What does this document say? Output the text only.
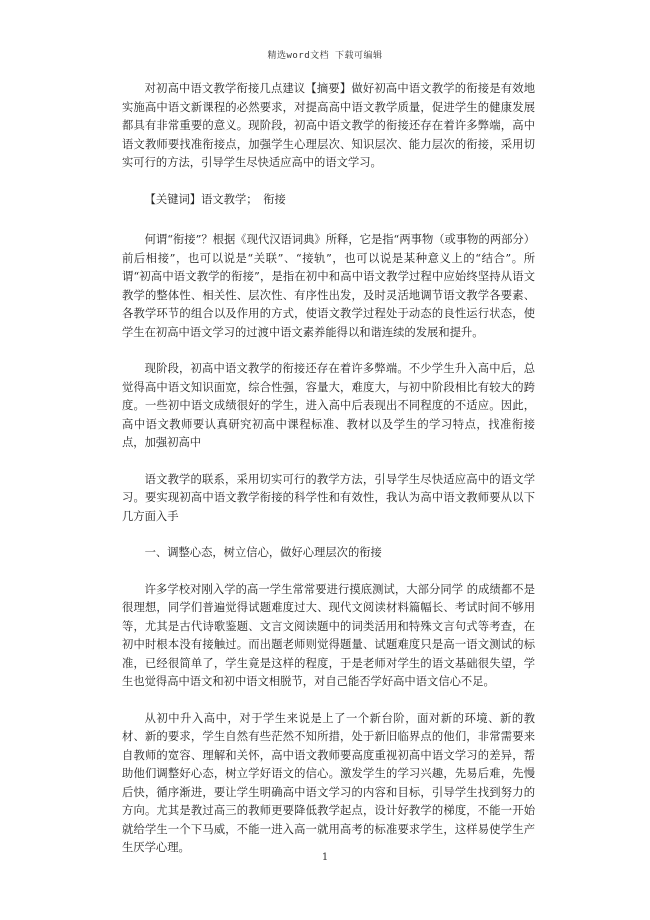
精选word文档 下载可编辑

对初高中语文教学衔接几点建议【摘要】做好初高中语文教学的衔接是有效地实施高中语文新课程的必然要求，对提高高中语文教学质量，促进学生的健康发展都具有非常重要的意义。现阶段，初高中语文教学的衔接还存在着许多弊端，高中语文教师要找准衔接点，加强学生心理层次、知识层次、能力层次的衔接，采用切实可行的方法，引导学生尽快适应高中的语文学习。

【关键词】语文教学；　衔接

何谓“衔接”？根据《现代汉语词典》所释，它是指“两事物（或事物的两部分）前后相接”，也可以说是“关联”、“接轨”，也可以说是某种意义上的“结合”。所谓“初高中语文教学的衔接”，是指在初中和高中语文教学过程中应始终坚持从语文教学的整体性、相关性、层次性、有序性出发，及时灵活地调节语文教学各要素、各教学环节的组合以及作用的方式，使语文教学过程处于动态的良性运行状态，使学生在初高中语文学习的过渡中语文素养能得以和谐连续的发展和提升。

现阶段，初高中语文教学的衔接还存在着许多弊端。不少学生升入高中后，总觉得高中语文知识面宽，综合性强，容量大，难度大，与初中阶段相比有较大的跨度。一些初中语文成绩很好的学生，进入高中后表现出不同程度的不适应。因此，高中语文教师要认真研究初高中课程标准、教材以及学生的学习特点，找准衔接点，加强初高中

语文教学的联系，采用切实可行的教学方法，引导学生尽快适应高中的语文学习。要实现初高中语文教学衔接的科学性和有效性，我认为高中语文教师要从以下几方面入手

一、调整心态，树立信心，做好心理层次的衔接

许多学校对刚入学的高一学生常常要进行摸底测试，大部分同学 的成绩都不是很理想，同学们普遍觉得试题难度过大、现代文阅读材料篇幅长、考试时间不够用等，尤其是古代诗歌鉴题、文言文阅读题中的词类活用和特殊文言句式等考查，在初中时根本没有接触过。而出题老师则觉得题量、试题难度只是高一语文测试的标准，已经很简单了，学生竟是这样的程度，于是老师对学生的语文基础很失望，学生也觉得高中语文和初中语文相脱节，对自己能否学好高中语文信心不足。

从初中升入高中，对于学生来说是上了一个新台阶，面对新的环境、新的教材、新的要求，学生自然有些茫然不知所措，处于新旧临界点的他们，非常需要来自教师的宽容、理解和关怀，高中语文教师要高度重视初高中语文学习的差异，帮助他们调整好心态，树立学好语文的信心。激发学生的学习兴趣，先易后难，先慢后快，循序渐进，要让学生明确高中语文学习的内容和目标，引导学生找到努力的方向。尤其是教过高三的教师更要降低教学起点，设计好教学的梯度，不能一开始就给学生一个下马威，不能一进入高一就用高考的标准要求学生，这样易使学生产生厌学心理。

1
